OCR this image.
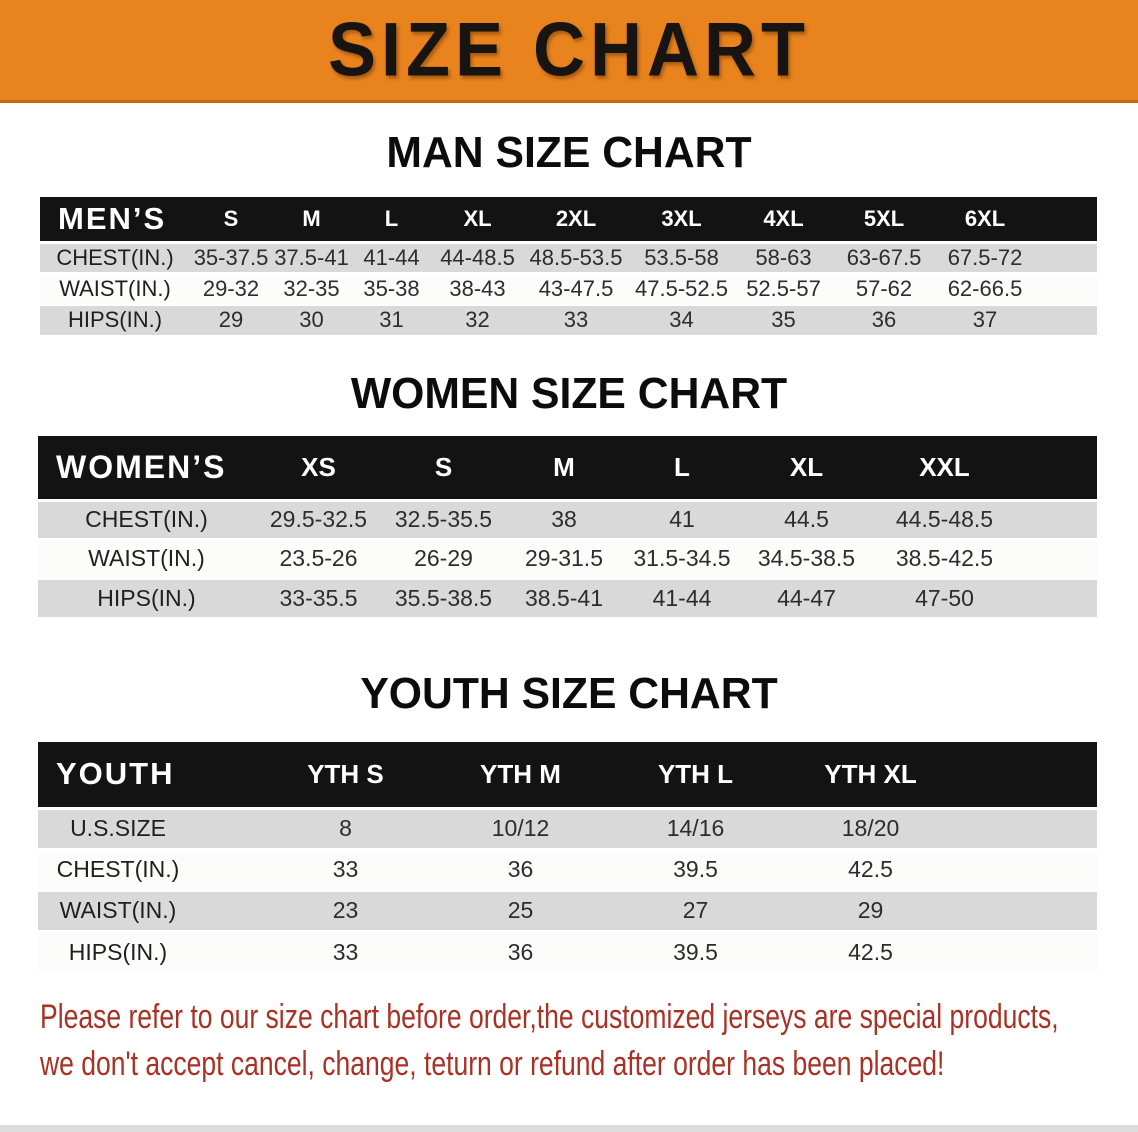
SIZE CHART
MAN SIZE CHART
MEN’S	S	M	L	XL	2XL	3XL	4XL	5XL	6XL	
CHEST(IN.)	35-37.5	37.5-41	41-44	44-48.5	48.5-53.5	53.5-58	58-63	63-67.5	67.5-72	
WAIST(IN.)	29-32	32-35	35-38	38-43	43-47.5	47.5-52.5	52.5-57	57-62	62-66.5	
HIPS(IN.)	29	30	31	32	33	34	35	36	37	
WOMEN SIZE CHART
WOMEN’S	XS	S	M	L	XL	XXL	
CHEST(IN.)	29.5-32.5	32.5-35.5	38	41	44.5	44.5-48.5	
WAIST(IN.)	23.5-26	26-29	29-31.5	31.5-34.5	34.5-38.5	38.5-42.5	
HIPS(IN.)	33-35.5	35.5-38.5	38.5-41	41-44	44-47	47-50	
YOUTH SIZE CHART
YOUTH		YTH S	YTH M	YTH L	YTH XL	
U.S.SIZE		8	10/12	14/16	18/20	
CHEST(IN.)		33	36	39.5	42.5	
WAIST(IN.)		23	25	27	29	
HIPS(IN.)		33	36	39.5	42.5	

Please refer to our size chart before order,the customized jerseys are special products,

we don't accept cancel, change, teturn or refund after order has been placed!
